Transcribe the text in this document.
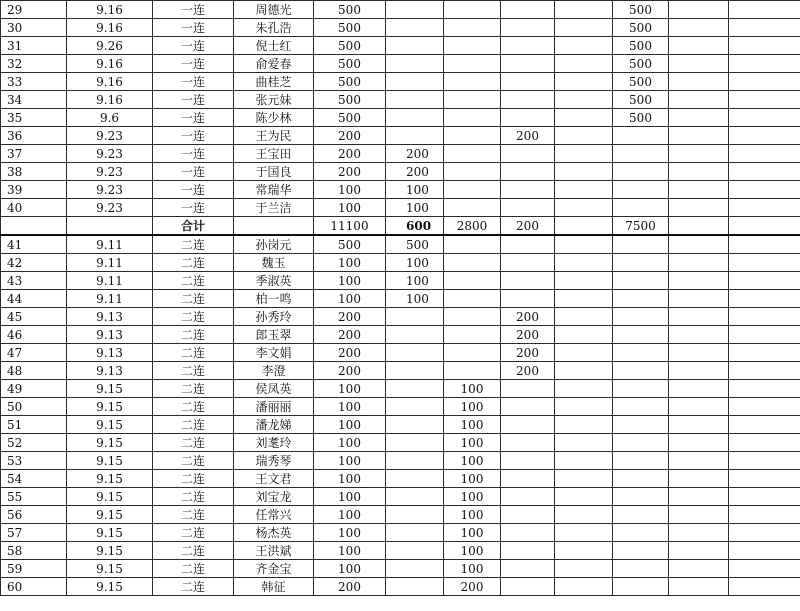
29	9.16	一连	周德光	500					500		
30	9.16	一连	朱孔浩	500					500		
31	9.26	一连	倪士红	500					500		
32	9.16	一连	俞爱春	500					500		
33	9.16	一连	曲桂芝	500					500		
34	9.16	一连	张元妹	500					500		
35	9.6	一连	陈少林	500					500		
36	9.23	一连	王为民	200			200				
37	9.23	一连	王宝田	200	200						
38	9.23	一连	于国良	200	200						
39	9.23	一连	常瑞华	100	100						
40	9.23	一连	于兰洁	100	100						
		合计		11100	600	2800	200		7500		
41	9.11	二连	孙岗元	500	500						
42	9.11	二连	魏玉	100	100						
43	9.11	二连	季淑英	100	100						
44	9.11	二连	柏一鸣	100	100						
45	9.13	二连	孙秀玲	200			200				
46	9.13	二连	郎玉翠	200			200				
47	9.13	二连	李文娟	200			200				
48	9.13	二连	李澄	200			200				
49	9.15	二连	侯凤英	100		100					
50	9.15	二连	潘丽丽	100		100					
51	9.15	二连	潘龙娣	100		100					
52	9.15	二连	刘耄玲	100		100					
53	9.15	二连	瑞秀琴	100		100					
54	9.15	二连	王文君	100		100					
55	9.15	二连	刘宝龙	100		100					
56	9.15	二连	任常兴	100		100					
57	9.15	二连	杨杰英	100		100					
58	9.15	二连	王洪斌	100		100					
59	9.15	二连	齐金宝	100		100					
60	9.15	二连	韩征	200		200					
